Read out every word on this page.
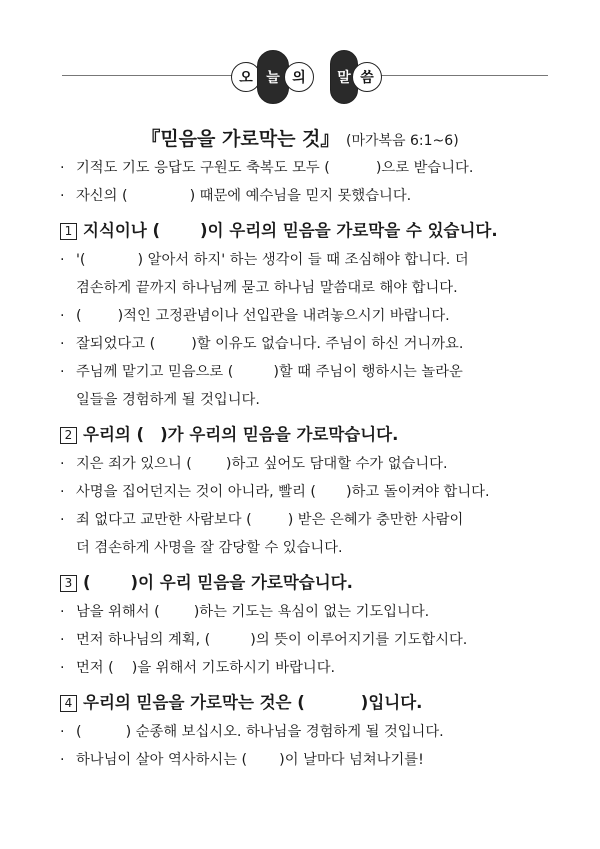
오 늘 의	말 씀
『믿음을 가로막는 것』 (마가복음 6:1~6)
· 기적도 기도 응답도 구원도 축복도 모두 (	)으로 받습니다.
· 자신의 (	) 때문에 예수님을 믿지 못했습니다.
1 지식이나 ( )이 우리의 믿음을 가로막을 수 있습니다.
· '(	) 알아서 하지' 하는 생각이 들 때 조심해야 합니다. 더
겸손하게 끝까지 하나님께 묻고 하나님 말씀대로 해야 합니다.
· (	)적인 고정관념이나 선입관을 내려놓으시기 바랍니다.
· 잘되었다고 (	)할 이유도 없습니다. 주님이 하신 거니까요.
· 주님께 맡기고 믿음으로 (	)할 때 주님이 행하시는 놀라운
일들을 경험하게 될 것입니다.
2 우리의 ( )가 우리의 믿음을 가로막습니다.
· 지은 죄가 있으니 ( )하고 싶어도 담대할 수가 없습니다.
· 사명을 집어던지는 것이 아니라, 빨리 ( )하고 돌이켜야 합니다.
· 죄 없다고 교만한 사람보다 (	) 받은 은혜가 충만한 사람이
더 겸손하게 사명을 잘 감당할 수 있습니다.
3 ( )이 우리 믿음을 가로막습니다.
· 남을 위해서 ( )하는 기도는 욕심이 없는 기도입니다.
· 먼저 하나님의 계획, (	)의 뜻이 이루어지기를 기도합시다.
· 먼저 ( )을 위해서 기도하시기 바랍니다.
4 우리의 믿음을 가로막는 것은 (	)입니다.
· (	) 순종해 보십시오. 하나님을 경험하게 될 것입니다.
· 하나님이 살아 역사하시는 ( )이 날마다 넘쳐나기를!
